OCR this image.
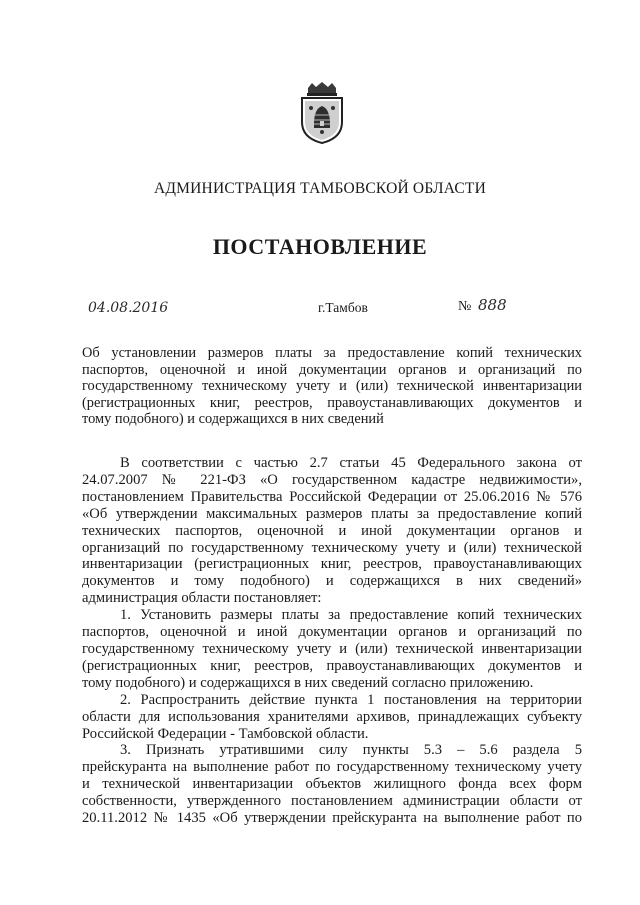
АДМИНИСТРАЦИЯ ТАМБОВСКОЙ ОБЛАСТИ
ПОСТАНОВЛЕНИЕ
04.08.2016	г.Тамбов	№ 888
Об установлении размеров платы за предоставление копий технических
паспортов, оценочной и иной документации органов и организаций по
государственному техническому учету и (или) технической инвентаризации
(регистрационных книг, реестров, правоустанавливающих документов и
тому подобного) и содержащихся в них сведений
В соответствии с частью 2.7 статьи 45 Федерального закона от
24.07.2007 № 221-ФЗ «О государственном кадастре недвижимости»,
постановлением Правительства Российской Федерации от 25.06.2016 № 576
«Об утверждении максимальных размеров платы за предоставление копий
технических паспортов, оценочной и иной документации органов и
организаций по государственному техническому учету и (или) технической
инвентаризации (регистрационных книг, реестров, правоустанавливающих
документов и тому подобного) и содержащихся в них сведений»
администрация области постановляет:
1. Установить размеры платы за предоставление копий технических
паспортов, оценочной и иной документации органов и организаций по
государственному техническому учету и (или) технической инвентаризации
(регистрационных книг, реестров, правоустанавливающих документов и
тому подобного) и содержащихся в них сведений согласно приложению.
2. Распространить действие пункта 1 постановления на территории
области для использования хранителями архивов, принадлежащих субъекту
Российской Федерации - Тамбовской области.
3. Признать утратившими силу пункты 5.3 – 5.6 раздела 5
прейскуранта на выполнение работ по государственному техническому учету
и технической инвентаризации объектов жилищного фонда всех форм
собственности, утвержденного постановлением администрации области от
20.11.2012 № 1435 «Об утверждении прейскуранта на выполнение работ по
